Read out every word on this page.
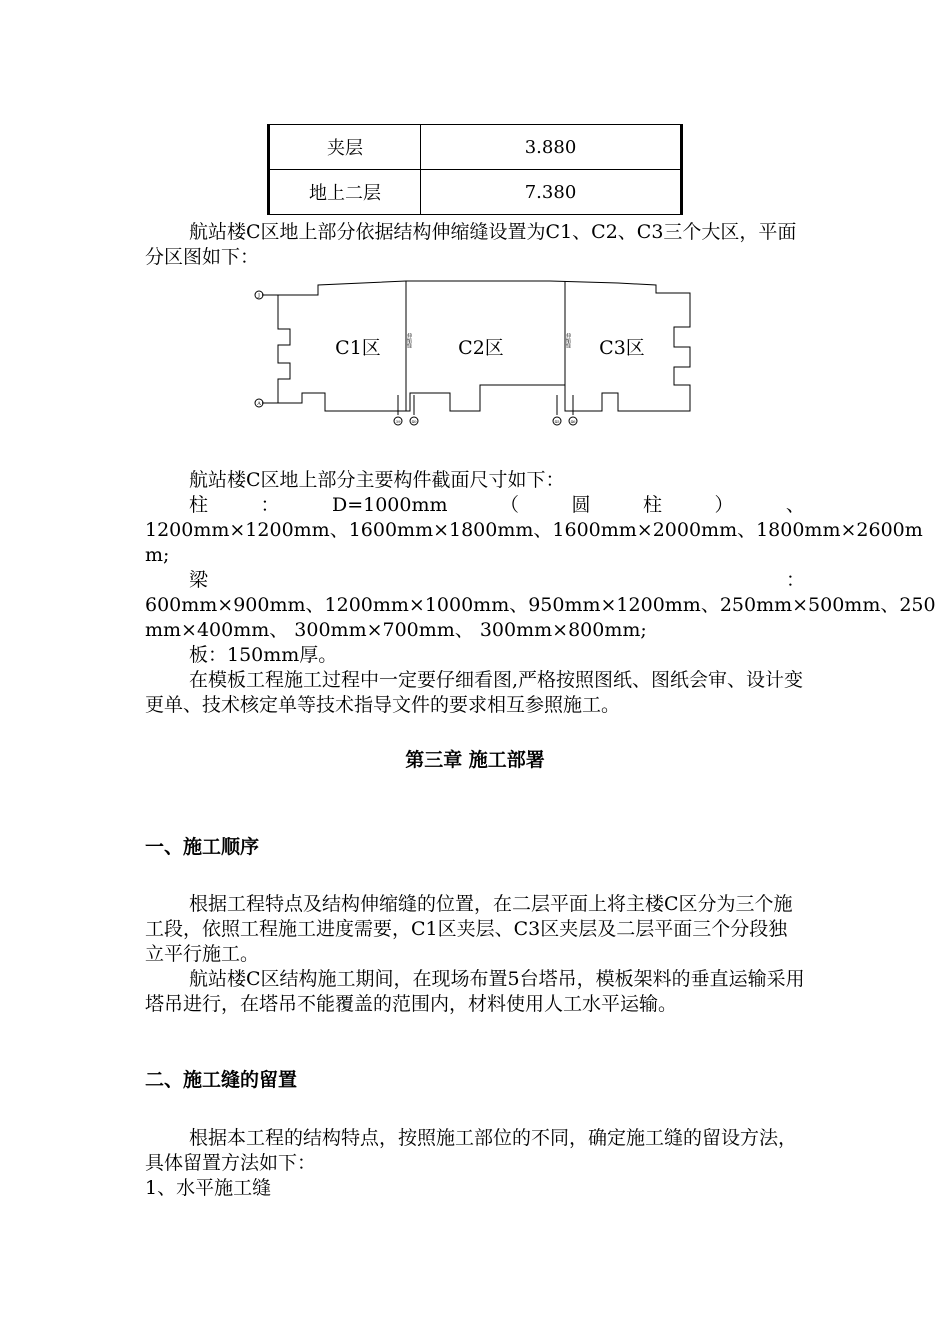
夹层	3.880
地上二层	7.380
航站楼C区地上部分依据结构伸缩缝设置为C1、C2、C3三个大区，平面分区图如下：
J
A
39	40	45	46
伸缩缝	伸缩缝
C1区	C2区	C3区
航站楼C区地上部分主要构件截面尺寸如下：
柱	：	D=1000mm	（	圆	柱	）	、
1200mm×1200mm、1600mm×1800mm、1600mm×2000mm、1800mm×2600m
m;
梁	：
600mm×900mm、1200mm×1000mm、950mm×1200mm、250mm×500mm、250
mm×400mm、 300mm×700mm、 300mm×800mm;
板：150mm厚。
在模板工程施工过程中一定要仔细看图,严格按照图纸、图纸会审、设计变更单、技术核定单等技术指导文件的要求相互参照施工。
第三章 施工部署
一、施工顺序
根据工程特点及结构伸缩缝的位置，在二层平面上将主楼C区分为三个施工段，依照工程施工进度需要，C1区夹层、C3区夹层及二层平面三个分段独立平行施工。
航站楼C区结构施工期间，在现场布置5台塔吊，模板架料的垂直运输采用塔吊进行，在塔吊不能覆盖的范围内，材料使用人工水平运输。
二、施工缝的留置
根据本工程的结构特点，按照施工部位的不同，确定施工缝的留设方法，具体留置方法如下：
1、水平施工缝
